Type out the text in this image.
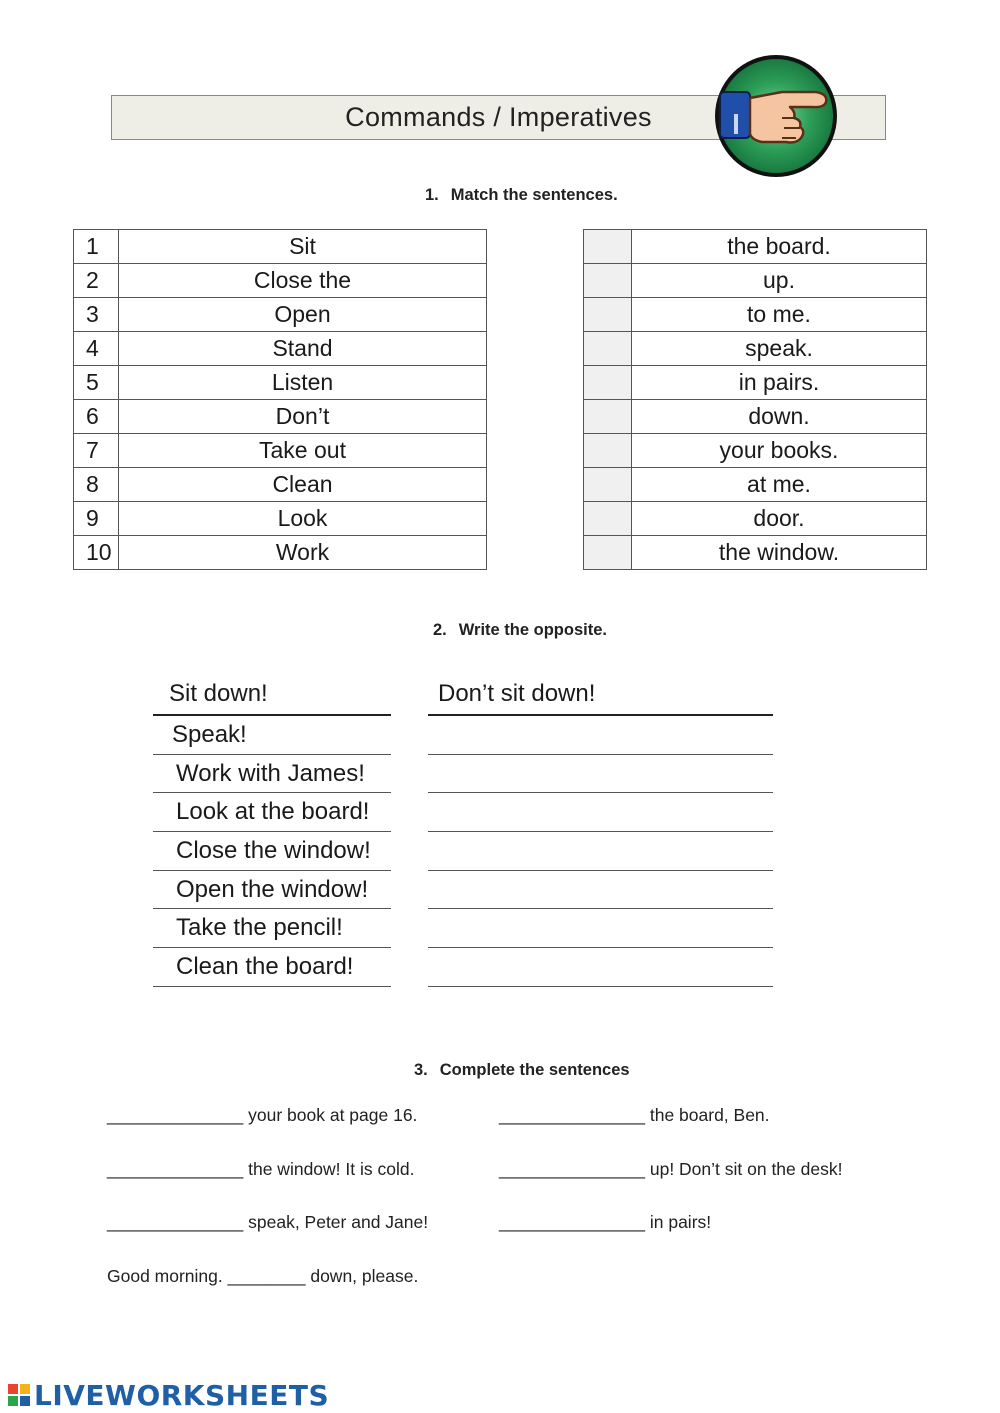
Commands / Imperatives
1. Match the sentences.
1	Sit
2	Close the
3	Open
4	Stand
5	Listen
6	Don’t
7	Take out
8	Clean
9	Look
10	Work
	the board.
	up.
	to me.
	speak.
	in pairs.
	down.
	your books.
	at me.
	door.
	the window.
2. Write the opposite.
Sit down!	Don’t sit down!
Speak!
Work with James!
Look at the board!
Close the window!
Open the window!
Take the pencil!
Clean the board!
3. Complete the sentences
______________ your book at page 16.	_______________ the board, Ben.
______________ the window! It is cold.	_______________ up! Don’t sit on the desk!
______________ speak, Peter and Jane!	_______________ in pairs!
Good morning. ________ down, please.
LIVEWORKSHEETS
